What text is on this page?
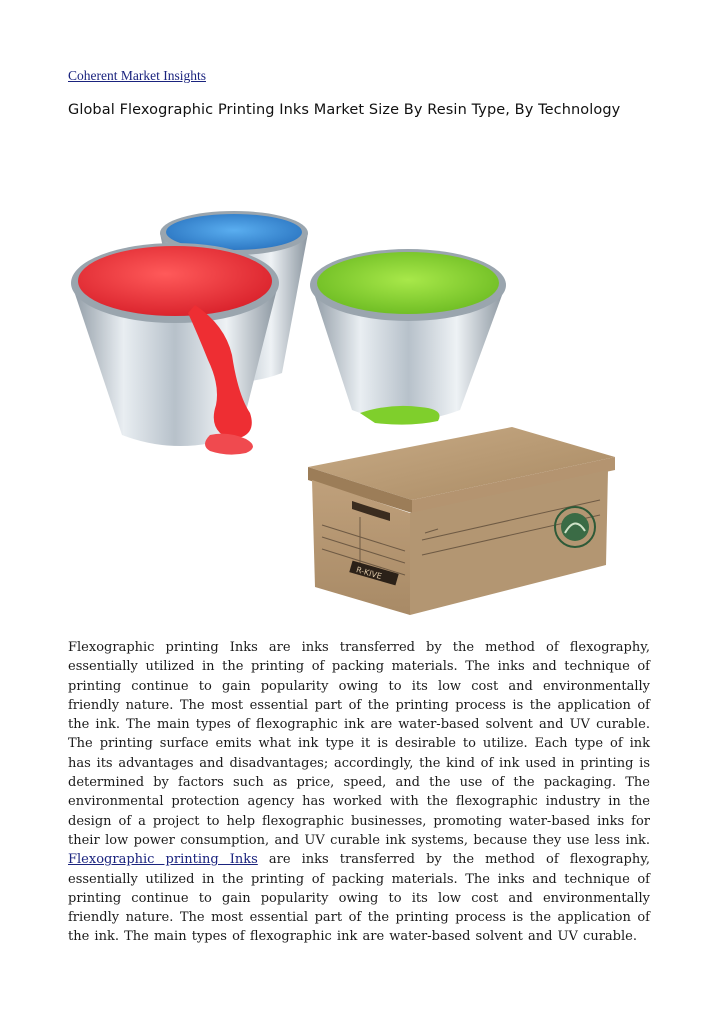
Coherent Market Insights
Global Flexographic Printing Inks Market Size By Resin Type, By Technology
R-KIVE

Flexographic printing Inks are inks transferred by the method of flexography, essentially utilized in the printing of packing materials. The inks and technique of printing continue to gain popularity owing to its low cost and environmentally friendly nature. The most essential part of the printing process is the application of the ink. The main types of flexographic ink are water-based solvent and UV curable. The printing surface emits what ink type it is desirable to utilize. Each type of ink has its advantages and disadvantages; accordingly, the kind of ink used in printing is determined by factors such as price, speed, and the use of the packaging. The environmental protection agency has worked with the flexographic industry in the design of a project to help flexographic businesses, promoting water-based inks for their low power consumption, and UV curable ink systems, because they use less ink. Flexographic printing Inks are inks transferred by the method of flexography, essentially utilized in the printing of packing materials. The inks and technique of printing continue to gain popularity owing to its low cost and environmentally friendly nature. The most essential part of the printing process is the application of the ink. The main types of flexographic ink are water-based solvent and UV curable.
